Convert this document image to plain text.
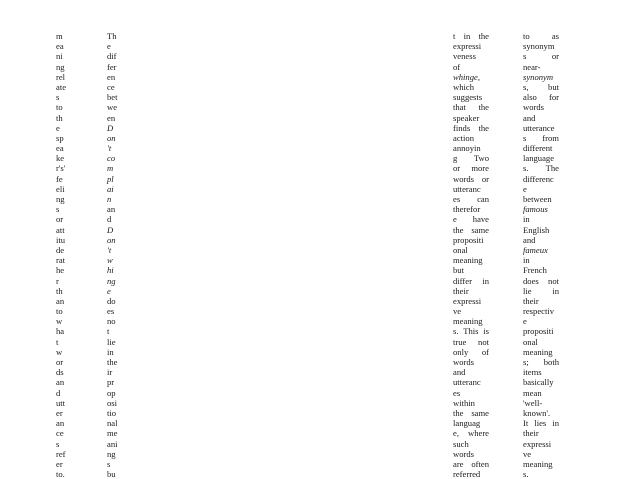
m
ea
ni
ng
rel
ate
s
to
th
e
sp
ea
ke
r's'
fe
eli
ng
s
or
att
itu
de
rat
he
r
th
an
to
w
ha
t
w
or
ds
an
d
utt
er
an
ce
s
ref
er
to.
Th
e
dif
fer
en
ce
bet
we
en
D
on
't
co
m
pl
ai
n
an
d
D
on
't
w
hi
ng
e
do
es
no
t
lie
in
the
ir
pr
op
osi
tio
nal
me
ani
ng
s
bu
t in the
expressi
veness
of
whinge,
which
suggests
that the
speaker
finds the
action
annoyin
g Two
or more
words or
utteranc
es can
therefor
e have
the same
propositi
onal
meaning
but
differ in
their
expressi
ve
meaning
s. This is
true not
only of
words
and
utteranc
es
within
the same
languag
e, where
such
words
are often
referred
to	as
synonym
s	or
near-
synonym
s, but
also for
words
and
utterance
s from
different
language
s. The
differenc
e
between
famous
in
English
and
fameux
in
French
does not
lie in
their
respectiv
e
propositi
onal
meaning
s; both
items
basically
mean
'well-
known'.
It lies in
their
expressi
ve
meaning
s.
